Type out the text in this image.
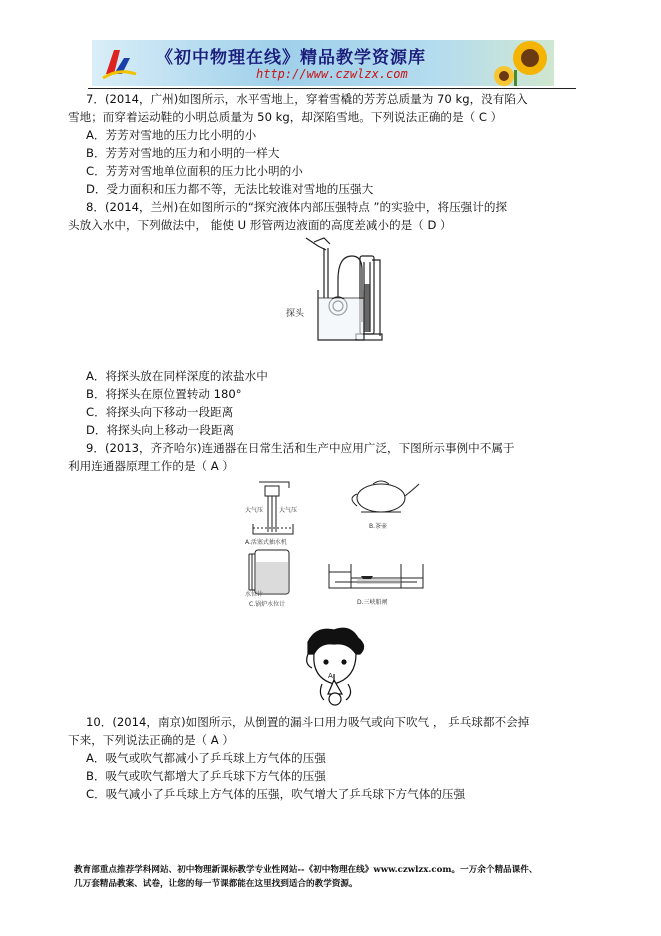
《初中物理在线》精品教学资源库
http://www.czwlzx.com
7．(2014，广州)如图所示，水平雪地上，穿着雪橇的芳芳总质量为 70 kg，没有陷入
雪地；而穿着运动鞋的小明总质量为 50 kg，却深陷雪地。下列说法正确的是（ C ）
A．芳芳对雪地的压力比小明的小
B．芳芳对雪地的压力和小明的一样大
C．芳芳对雪地单位面积的压力比小明的小
D．受力面积和压力都不等，无法比较谁对雪地的压强大
8．(2014，兰州)在如图所示的“探究液体内部压强特点 ”的实验中，将压强计的探
头放入水中，下列做法中， 能使 U 形管两边液面的高度差减小的是（ D ）
探头
A．将探头放在同样深度的浓盐水中
B．将探头在原位置转动 180°
C．将探头向下移动一段距离
D．将探头向上移动一段距离
9．(2013，齐齐哈尔)连通器在日常生活和生产中应用广泛，下图所示事例中不属于
利用连通器原理工作的是（ A ）
大气压	大气压
A.活塞式抽水机
B.茶壶
水位计
C.锅炉水位计	D.三峡船闸
A
10．(2014，南京)如图所示，从倒置的漏斗口用力吸气或向下吹气 ， 乒乓球都不会掉
下来，下列说法正确的是（ A ）
A．吸气或吹气都减小了乒乓球上方气体的压强
B．吸气或吹气都增大了乒乓球下方气体的压强
C．吸气减小了乒乓球上方气体的压强，吹气增大了乒乓球下方气体的压强
教育部重点推荐学科网站、初中物理新课标教学专业性网站--《初中物理在线》www.czwlzx.com。一万余个精品课件、
几万套精品教案、试卷，让您的每一节课都能在这里找到适合的教学资源。
